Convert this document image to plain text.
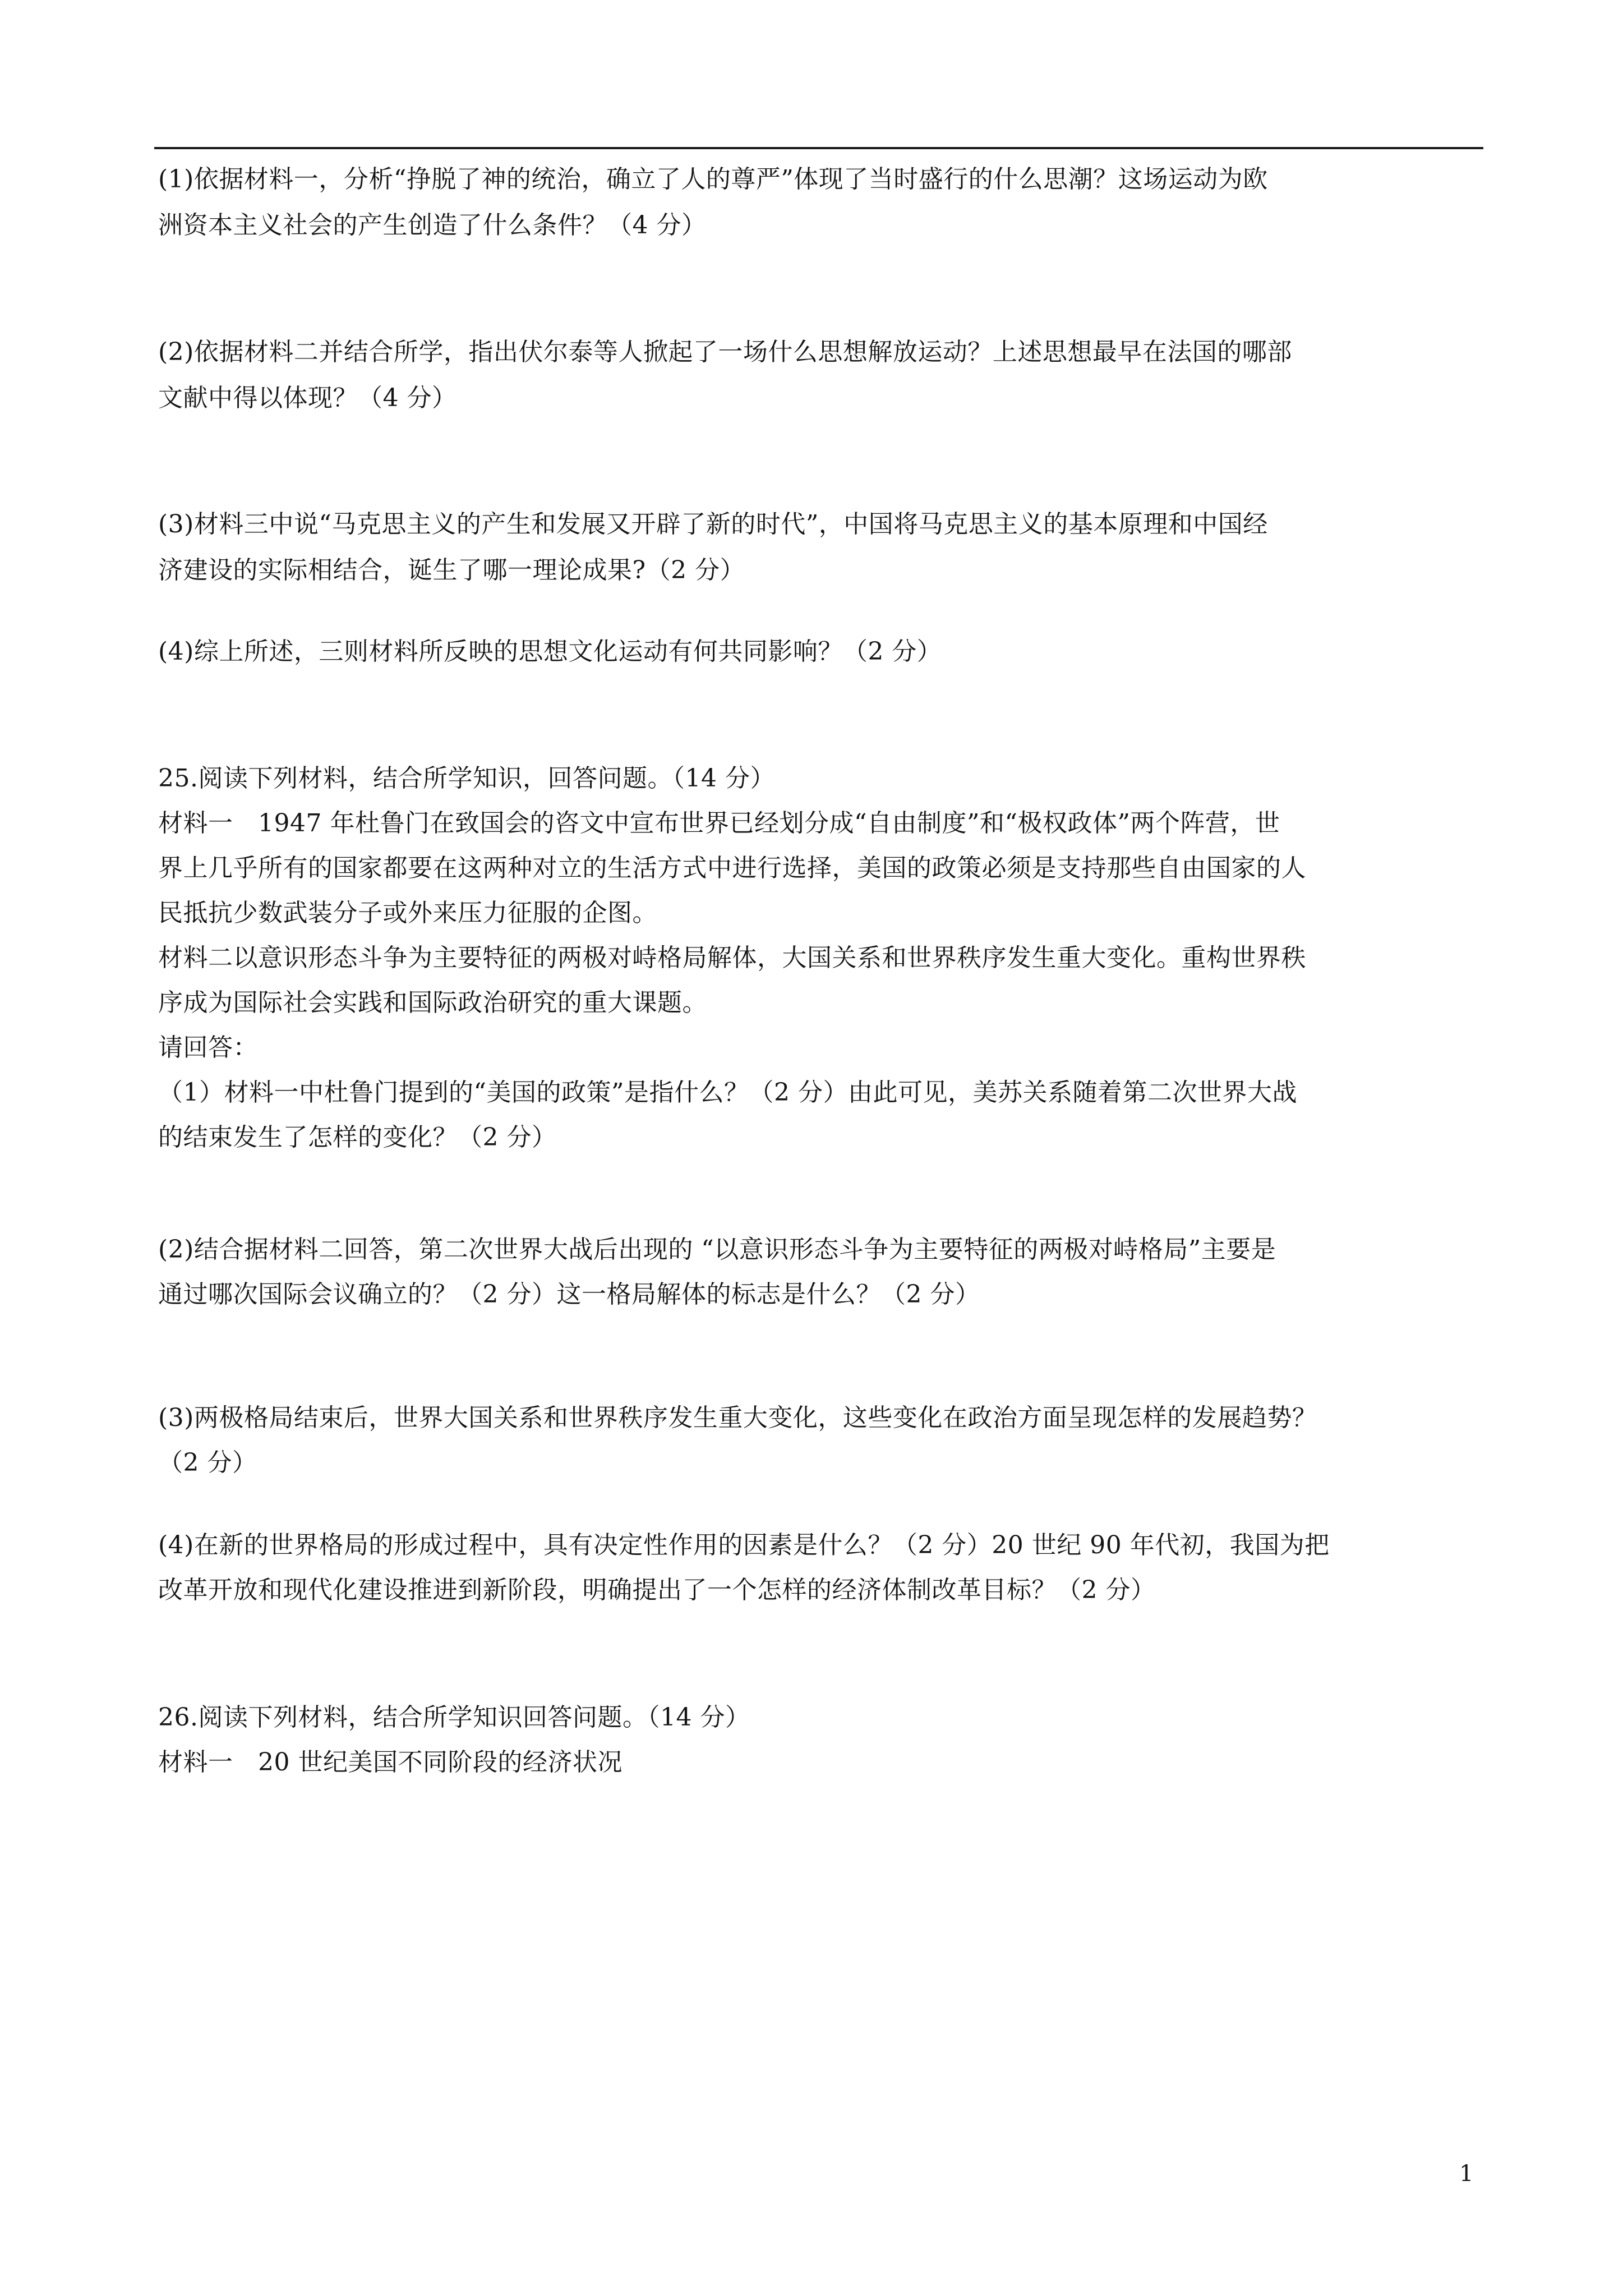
(1)依据材料一，分析“挣脱了神的统治，确立了人的尊严”体现了当时盛行的什么思潮？这场运动为欧
洲资本主义社会的产生创造了什么条件？（4 分）
(2)依据材料二并结合所学，指出伏尔泰等人掀起了一场什么思想解放运动？上述思想最早在法国的哪部
文献中得以体现？（4 分）
(3)材料三中说“马克思主义的产生和发展又开辟了新的时代”，中国将马克思主义的基本原理和中国经
济建设的实际相结合，诞生了哪一理论成果?（2 分）
(4)综上所述，三则材料所反映的思想文化运动有何共同影响？（2 分）
25.阅读下列材料，结合所学知识，回答问题。（14 分）
材料一　1947 年杜鲁门在致国会的咨文中宣布世界已经划分成“自由制度”和“极权政体”两个阵营，世
界上几乎所有的国家都要在这两种对立的生活方式中进行选择，美国的政策必须是支持那些自由国家的人
民抵抗少数武装分子或外来压力征服的企图。
材料二以意识形态斗争为主要特征的两极对峙格局解体，大国关系和世界秩序发生重大变化。重构世界秩
序成为国际社会实践和国际政治研究的重大课题。
请回答：
（1）材料一中杜鲁门提到的“美国的政策”是指什么？（2 分）由此可见，美苏关系随着第二次世界大战
的结束发生了怎样的变化？（2 分）
(2)结合据材料二回答，第二次世界大战后出现的 “以意识形态斗争为主要特征的两极对峙格局”主要是
通过哪次国际会议确立的？（2 分）这一格局解体的标志是什么？（2 分）
(3)两极格局结束后，世界大国关系和世界秩序发生重大变化，这些变化在政治方面呈现怎样的发展趋势？
（2 分）
(4)在新的世界格局的形成过程中，具有决定性作用的因素是什么？（2 分）20 世纪 90 年代初，我国为把
改革开放和现代化建设推进到新阶段，明确提出了一个怎样的经济体制改革目标？（2 分）
26.阅读下列材料，结合所学知识回答问题。（14 分）
材料一　20 世纪美国不同阶段的经济状况
1
